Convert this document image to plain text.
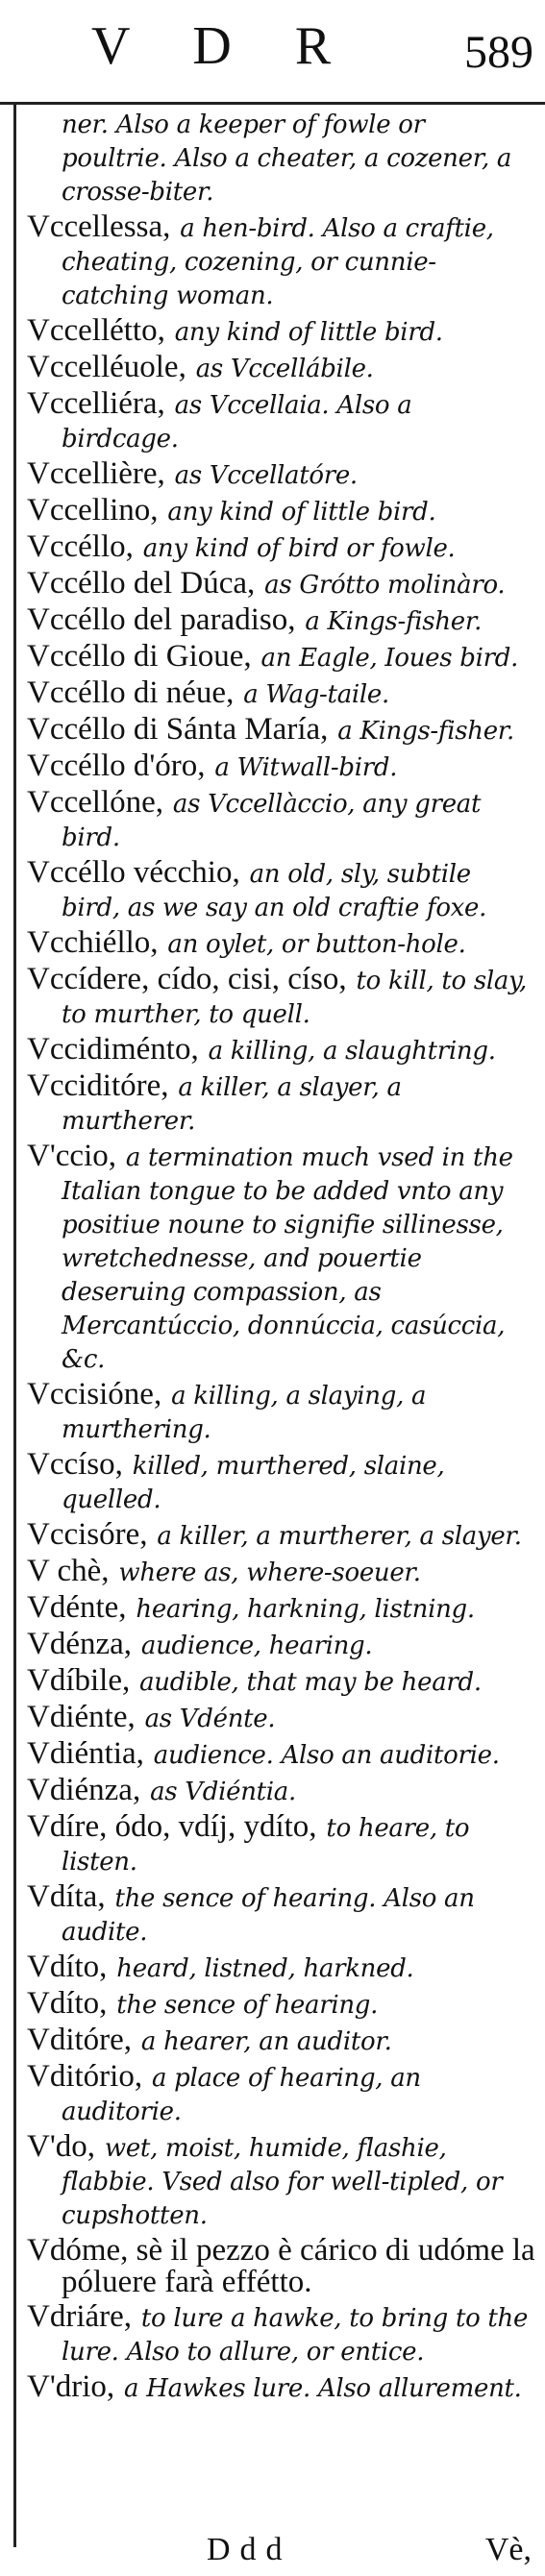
V D R 589
ner. Also a keeper of fowle or poultrie. Also a cheater, a cozener, a crosse-biter.
Vccellessa, a hen-bird. Also a craftie, cheating, cozening, or cunnie-catching woman.
Vccellétto, any kind of little bird.
Vccelléuole, as Vccellábile.
Vccelliéra, as Vccellaia. Also a birdcage.
Vccellière, as Vccellatóre.
Vccellino, any kind of little bird.
Vccéllo, any kind of bird or fowle.
Vccéllo del Dúca, as Grótto molinàro.
Vccéllo del paradiso, a Kings-fisher.
Vccéllo di Gioue, an Eagle, Ioues bird.
Vccéllo di néue, a Wag-taile.
Vccéllo di Sánta María, a Kings-fisher.
Vccéllo d'óro, a Witwall-bird.
Vccellóne, as Vccellàccio, any great bird.
Vccéllo vécchio, an old, sly, subtile bird, as we say an old craftie foxe.
Vcchiéllo, an oylet, or button-hole.
Vccídere, cído, cisi, císo, to kill, to slay, to murther, to quell.
Vccidiménto, a killing, a slaughtring.
Vcciditóre, a killer, a slayer, a murtherer.
V'ccio, a termination much vsed in the Italian tongue to be added vnto any positiue noune to signifie sillinesse, wretchednesse, and pouertie deseruing compassion, as Mercantúccio, donnúccia, casúccia, &c.
Vccisióne, a killing, a slaying, a murthering.
Vccíso, killed, murthered, slaine, quelled.
Vccisóre, a killer, a murtherer, a slayer.
V chè, where as, where-soeuer.
Vdénte, hearing, harkning, listning.
Vdénza, audience, hearing.
Vdíbile, audible, that may be heard.
Vdiénte, as Vdénte.
Vdiéntia, audience. Also an auditorie.
Vdiénza, as Vdiéntia.
Vdíre, ódo, vdíj, ydíto, to heare, to listen.
Vdíta, the sence of hearing. Also an audite.
Vdíto, heard, listned, harkned.
Vdíto, the sence of hearing.
Vditóre, a hearer, an auditor.
Vditório, a place of hearing, an auditorie.
V'do, wet, moist, humide, flashie, flabbie. Vsed also for well-tipled, or cupshotten.
Vdóme, sè il pezzo è cárico di udóme la póluere farà effétto.
Vdriáre, to lure a hawke, to bring to the lure. Also to allure, or entice.
V'drio, a Hawkes lure. Also allurement.
Ddd	Vè,
